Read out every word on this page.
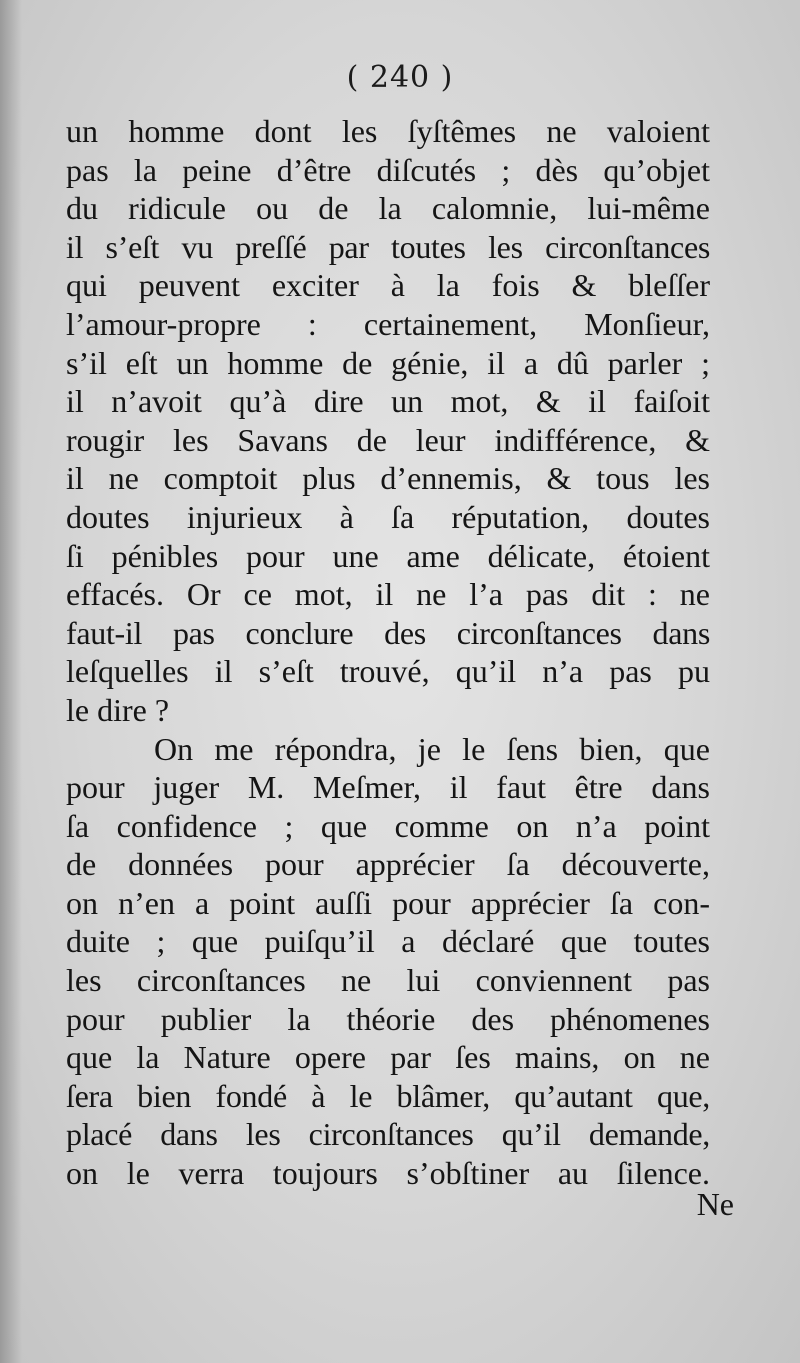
( 240 )
un homme dont les ſyſtêmes ne valoient
pas la peine d’être diſcutés ; dès qu’objet
du ridicule ou de la calomnie, lui-même
il s’eſt vu preſſé par toutes les circonſtances
qui peuvent exciter à la fois & bleſſer
l’amour-propre : certainement, Monſieur,
s’il eſt un homme de génie, il a dû parler ;
il n’avoit qu’à dire un mot, & il faiſoit
rougir les Savans de leur indifférence, &
il ne comptoit plus d’ennemis, & tous les
doutes injurieux à ſa réputation, doutes
ſi pénibles pour une ame délicate, étoient
effacés. Or ce mot, il ne l’a pas dit : ne
faut-il pas conclure des circonſtances dans
leſquelles il s’eſt trouvé, qu’il n’a pas pu
le dire ?
On me répondra, je le ſens bien, que
pour juger M. Meſmer, il faut être dans
ſa confidence ; que comme on n’a point
de données pour apprécier ſa découverte,
on n’en a point auſſi pour apprécier ſa con-
duite ; que puiſqu’il a déclaré que toutes
les circonſtances ne lui conviennent pas
pour publier la théorie des phénomenes
que la Nature opere par ſes mains, on ne
ſera bien fondé à le blâmer, qu’autant que,
placé dans les circonſtances qu’il demande,
on le verra toujours s’obſtiner au ſilence.
Ne
